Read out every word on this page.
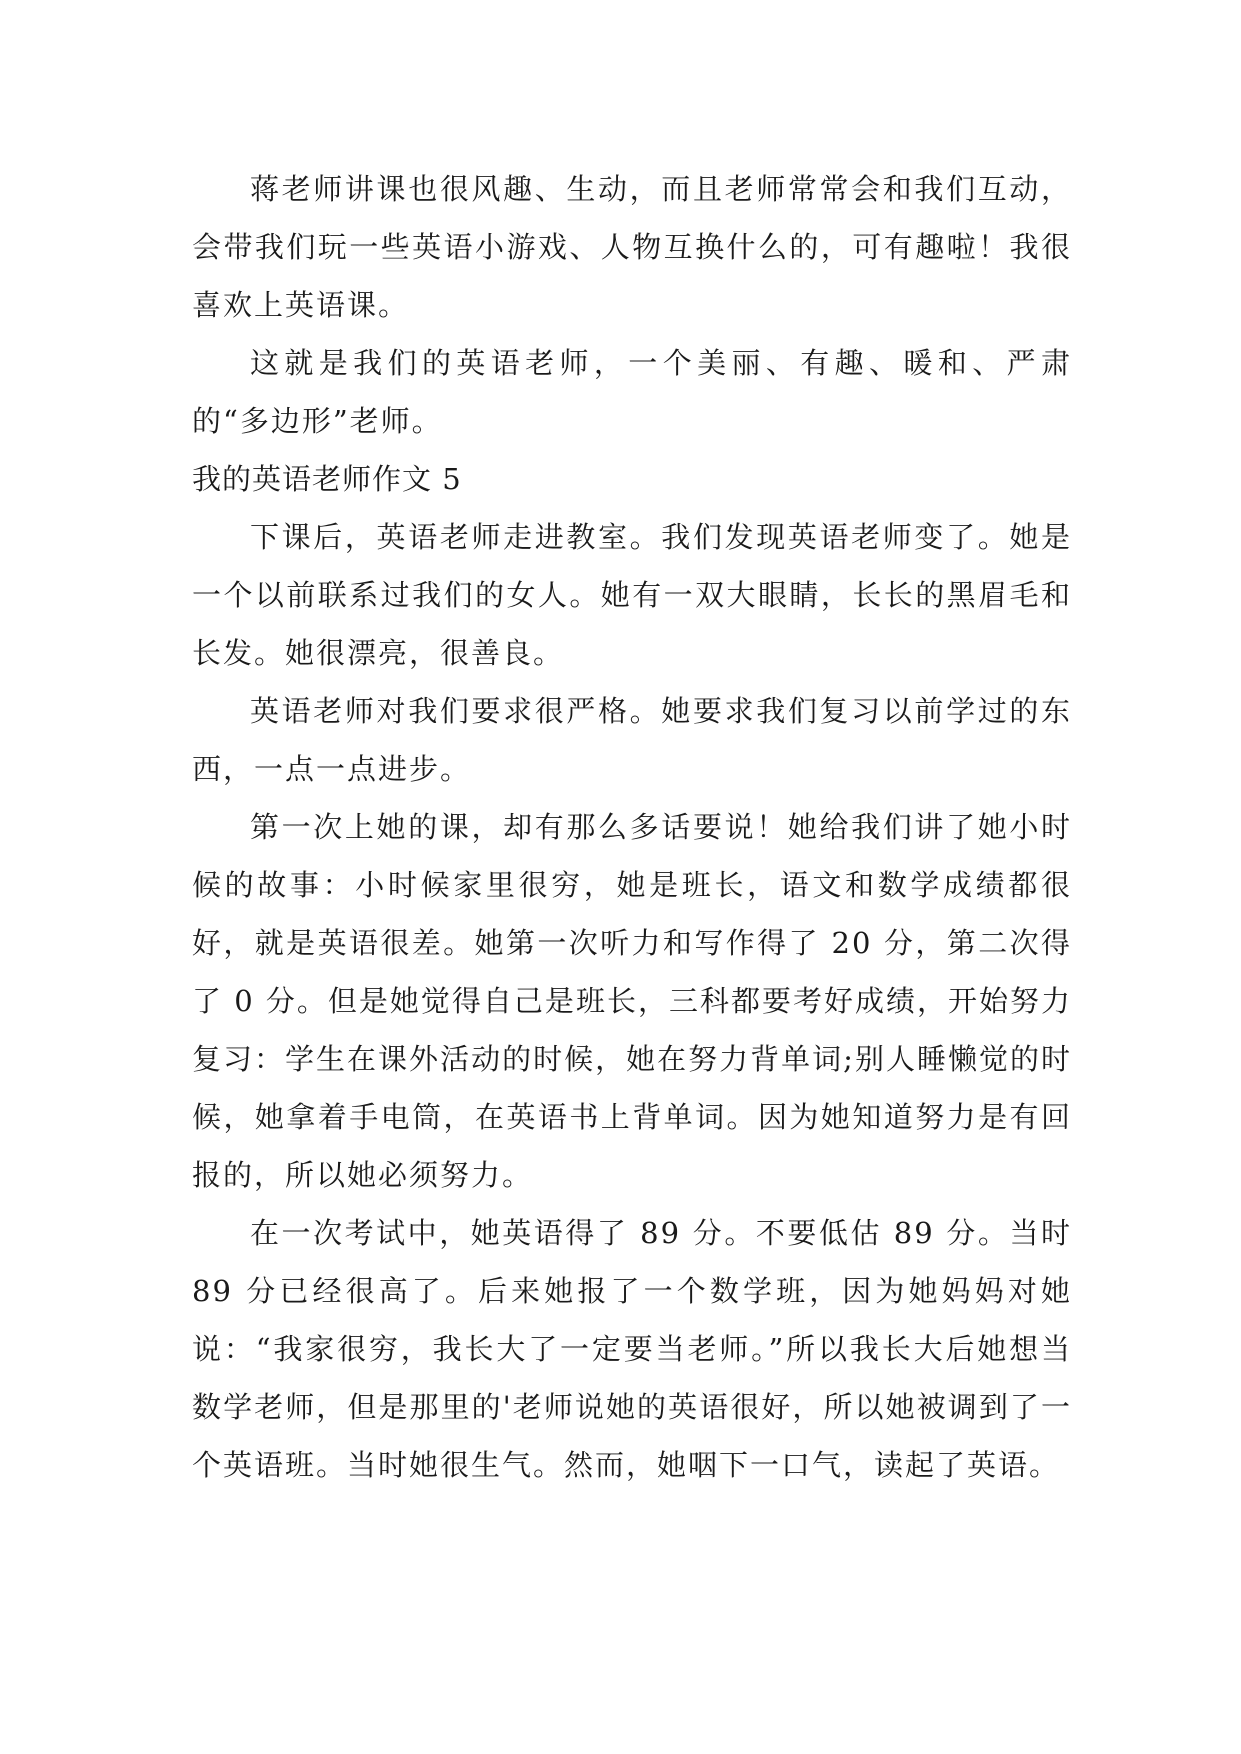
蒋老师讲课也很风趣、生动，而且老师常常会和我们互动，会带我们玩一些英语小游戏、人物互换什么的，可有趣啦！我很喜欢上英语课。

这就是我们的英语老师，一个美丽、有趣、暖和、严肃的“多边形”老师。

我的英语老师作文 5

下课后，英语老师走进教室。我们发现英语老师变了。她是一个以前联系过我们的女人。她有一双大眼睛，长长的黑眉毛和长发。她很漂亮，很善良。

英语老师对我们要求很严格。她要求我们复习以前学过的东西，一点一点进步。

第一次上她的课，却有那么多话要说！她给我们讲了她小时候的故事：小时候家里很穷，她是班长，语文和数学成绩都很好，就是英语很差。她第一次听力和写作得了 20 分，第二次得了 0 分。但是她觉得自己是班长，三科都要考好成绩，开始努力复习：学生在课外活动的时候，她在努力背单词;别人睡懒觉的时候，她拿着手电筒，在英语书上背单词。因为她知道努力是有回报的，所以她必须努力。

在一次考试中，她英语得了 89 分。不要低估 89 分。当时 89 分已经很高了。后来她报了一个数学班，因为她妈妈对她说：“我家很穷，我长大了一定要当老师。”所以我长大后她想当数学老师，但是那里的'老师说她的英语很好，所以她被调到了一个英语班。当时她很生气。然而，她咽下一口气，读起了英语。
